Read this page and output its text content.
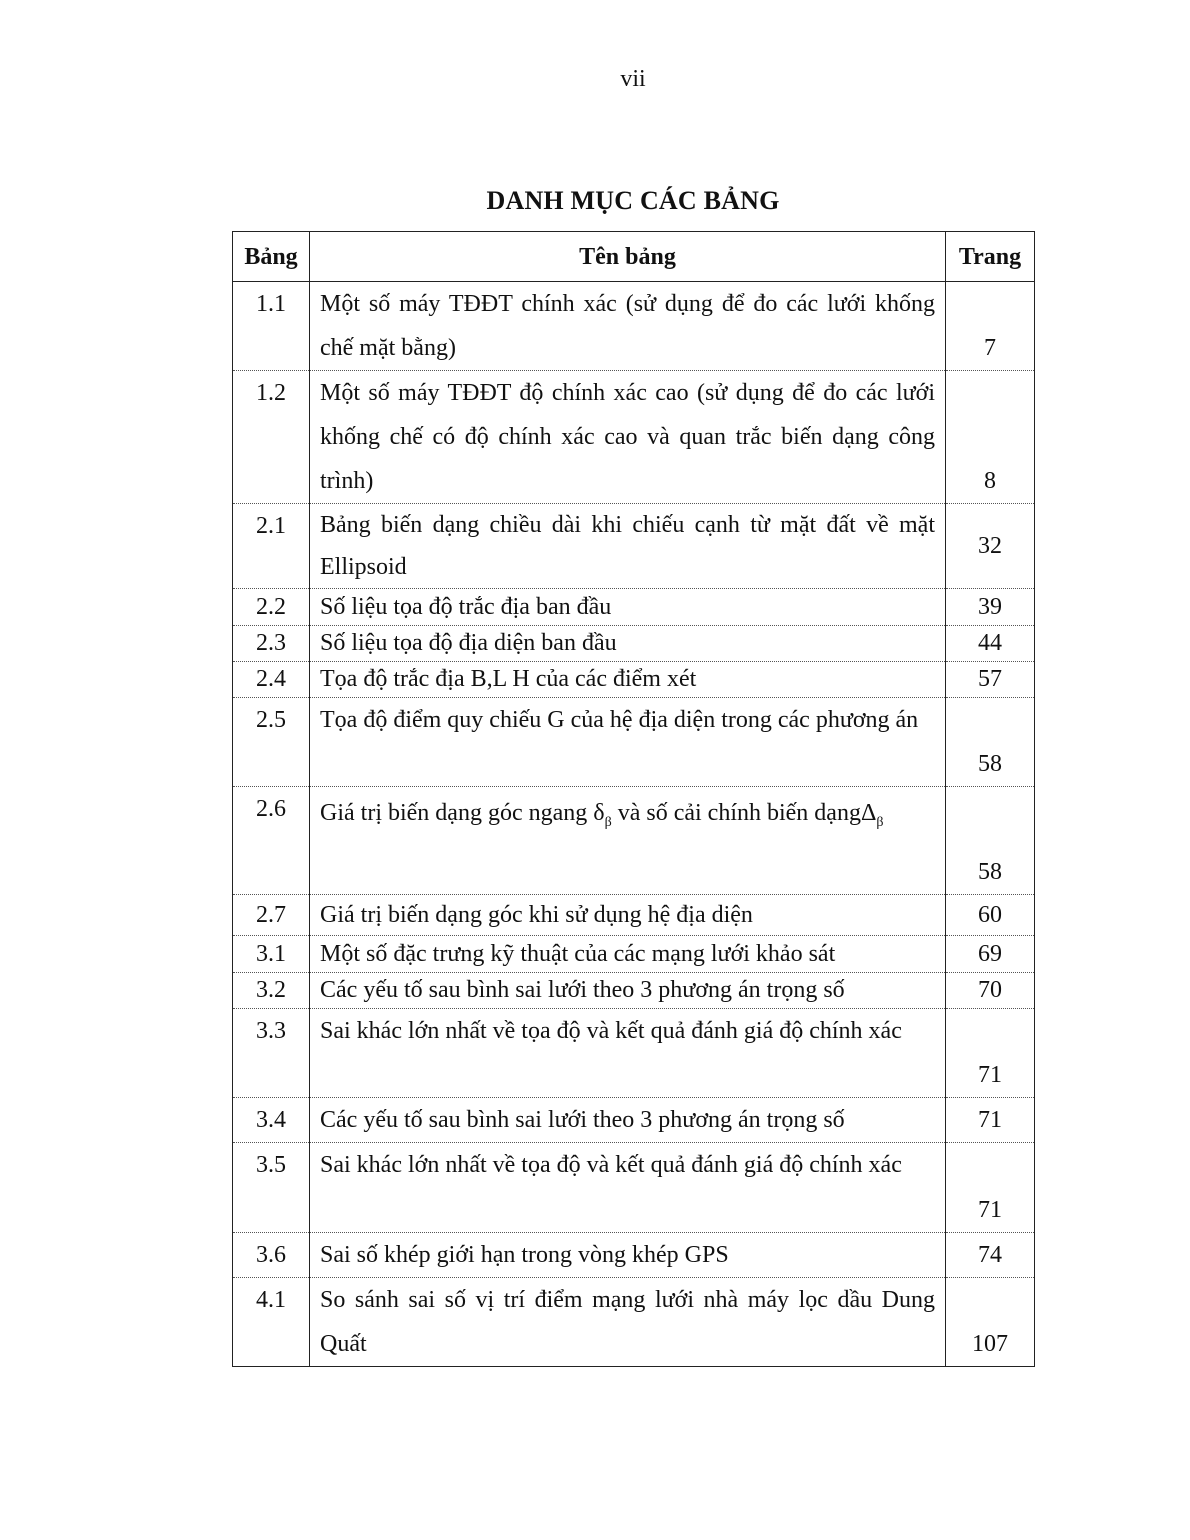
vii
DANH MỤC CÁC BẢNG
Bảng	Tên bảng	Trang
1.1	Một số máy TĐĐT chính xác (sử dụng để đo các lưới khống chế mặt bằng)	7
1.2	Một số máy TĐĐT độ chính xác cao (sử dụng để đo các lưới khống chế có độ chính xác cao và quan trắc biến dạng công trình)	8
2.1	Bảng biến dạng chiều dài khi chiếu cạnh từ mặt đất về mặt Ellipsoid	32
2.2	Số liệu tọa độ trắc địa ban đầu	39
2.3	Số liệu tọa độ địa diện ban đầu	44
2.4	Tọa độ trắc địa B,L H của các điểm xét	57
2.5	Tọa độ điểm quy chiếu G của hệ địa diện trong các phương án	58
2.6	Giá trị biến dạng góc ngang $\delta_\beta$ và số cải chính biến dạngΔ$_\beta$	58
2.7	Giá trị biến dạng góc khi sử dụng hệ địa diện	60
3.1	Một số đặc trưng kỹ thuật của các mạng lưới khảo sát	69
3.2	Các yếu tố sau bình sai lưới theo 3 phương án trọng số	70
3.3	Sai khác lớn nhất về tọa độ và kết quả đánh giá độ chính xác	71
3.4	Các yếu tố sau bình sai lưới theo 3 phương án trọng số	71
3.5	Sai khác lớn nhất về tọa độ và kết quả đánh giá độ chính xác	71
3.6	Sai số khép giới hạn trong vòng khép GPS	74
4.1	So sánh sai số vị trí điểm mạng lưới nhà máy lọc dầu Dung Quất	107
